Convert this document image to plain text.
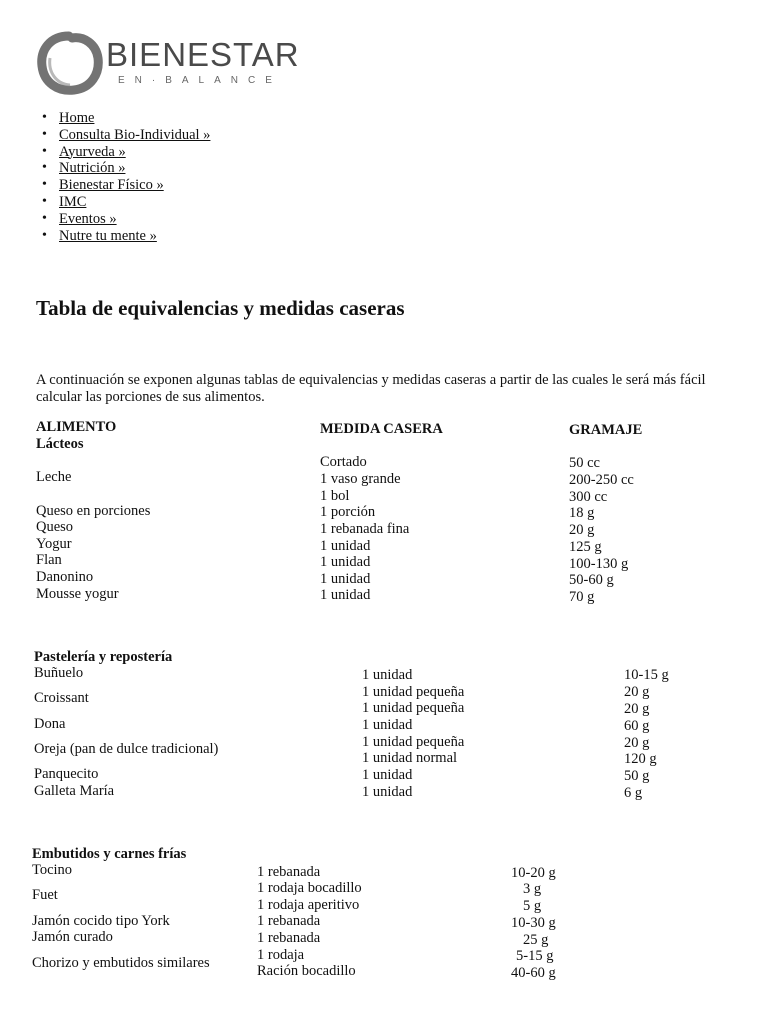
BIENESTAR
EN·BALANCE
• Home
• Consulta Bio-Individual »
• Ayurveda »
• Nutrición »
• Bienestar Físico »
• IMC
• Eventos »
• Nutre tu mente »
Tabla de equivalencias y medidas caseras

A continuación se exponen algunas tablas de equivalencias y medidas caseras a partir de las cuales le será más fácil calcular las porciones de sus alimentos.

ALIMENTO	MEDIDA CASERA	GRAMAJE
Lácteos
Leche
Queso en porciones
Queso
Yogur
Flan
Danonino
Mousse yogur
Cortado
1 vaso grande
1 bol
1 porción
1 rebanada fina
1 unidad
1 unidad
1 unidad
1 unidad
50 cc
200-250 cc
300 cc
18 g
20 g
125 g
100-130 g
50-60 g
70 g
Pastelería y repostería
Buñuelo
Croissant
Dona
Oreja (pan de dulce tradicional)
Panquecito
Galleta María
1 unidad
1 unidad pequeña
1 unidad pequeña
1 unidad
1 unidad pequeña
1 unidad normal
1 unidad
1 unidad
10-15 g
20 g
20 g
60 g
20 g
120 g
50 g
6 g
Embutidos y carnes frías
Tocino
Fuet
Jamón cocido tipo York
Jamón curado
Chorizo y embutidos similares
1 rebanada
1 rodaja bocadillo
1 rodaja aperitivo
1 rebanada
1 rebanada
1 rodaja
Ración bocadillo
10-20 g
3 g
5 g
10-30 g
25 g
5-15 g
40-60 g
